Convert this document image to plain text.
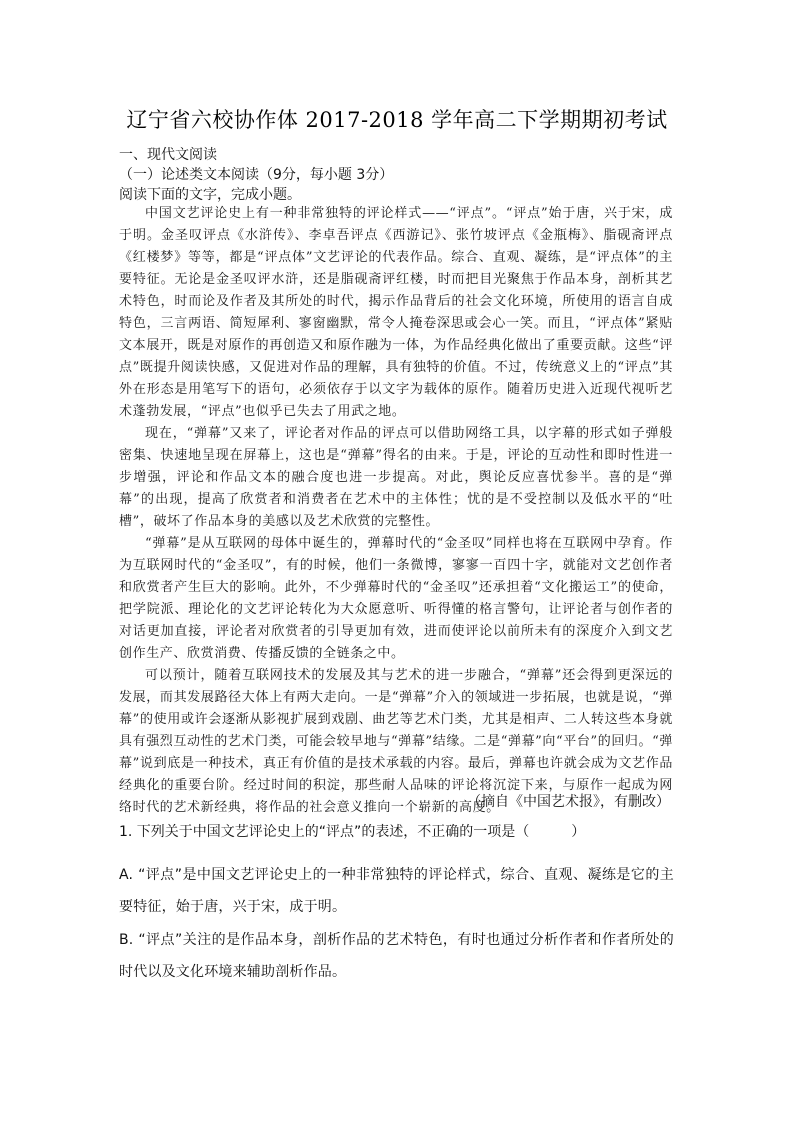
辽宁省六校协作体 2017-2018 学年高二下学期期初考试
一、现代文阅读
（一）论述类文本阅读（9分，每小题 3分）
阅读下面的文字，完成小题。

中国文艺评论史上有一种非常独特的评论样式——“评点”。“评点”始于唐，兴于宋，成于明。金圣叹评点《水浒传》、李卓吾评点《西游记》、张竹坡评点《金瓶梅》、脂砚斋评点《红楼梦》等等，都是“评点体”文艺评论的代表作品。综合、直观、凝练，是“评点体”的主要特征。无论是金圣叹评水浒，还是脂砚斋评红楼，时而把目光聚焦于作品本身，剖析其艺术特色，时而论及作者及其所处的时代，揭示作品背后的社会文化环境，所使用的语言自成特色，三言两语、简短犀利、寥窗幽默，常令人掩卷深思或会心一笑。而且，“评点体”紧贴文本展开，既是对原作的再创造又和原作融为一体，为作品经典化做出了重要贡献。这些“评点”既提升阅读快感，又促进对作品的理解，具有独特的价值。不过，传统意义上的“评点”其外在形态是用笔写下的语句，必须依存于以文字为载体的原作。随着历史进入近现代视听艺术蓬勃发展，“评点”也似乎已失去了用武之地。

现在，“弹幕”又来了，评论者对作品的评点可以借助网络工具，以字幕的形式如子弹般密集、快速地呈现在屏幕上，这也是“弹幕”得名的由来。于是，评论的互动性和即时性进一步增强，评论和作品文本的融合度也进一步提高。对此，舆论反应喜忧参半。喜的是“弹幕”的出现，提高了欣赏者和消费者在艺术中的主体性；忧的是不受控制以及低水平的“吐槽”，破坏了作品本身的美感以及艺术欣赏的完整性。

“弹幕”是从互联网的母体中诞生的，弹幕时代的“金圣叹”同样也将在互联网中孕育。作为互联网时代的“金圣叹”，有的时候，他们一条微博，寥寥一百四十字，就能对文艺创作者和欣赏者产生巨大的影响。此外，不少弹幕时代的“金圣叹”还承担着“文化搬运工”的使命，把学院派、理论化的文艺评论转化为大众愿意听、听得懂的格言警句，让评论者与创作者的对话更加直接，评论者对欣赏者的引导更加有效，进而使评论以前所未有的深度介入到文艺创作生产、欣赏消费、传播反馈的全链条之中。

可以预计，随着互联网技术的发展及其与艺术的进一步融合，“弹幕”还会得到更深远的发展，而其发展路径大体上有两大走向。一是“弹幕”介入的领域进一步拓展，也就是说，“弹幕”的使用或许会逐渐从影视扩展到戏剧、曲艺等艺术门类，尤其是相声、二人转这些本身就具有强烈互动性的艺术门类，可能会较早地与“弹幕”结缘。二是“弹幕”向“平台”的回归。“弹幕”说到底是一种技术，真正有价值的是技术承载的内容。最后，弹幕也许就会成为文艺作品经典化的重要台阶。经过时间的积淀，那些耐人品味的评论将沉淀下来，与原作一起成为网络时代的艺术新经典，将作品的社会意义推向一个崭新的高度。

（摘自《中国艺术报》，有删改）
1. 下列关于中国文艺评论史上的“评点”的表述，不正确的一项是（　　　）
A. “评点”是中国文艺评论史上的一种非常独特的评论样式，综合、直观、凝练是它的主要特征，始于唐，兴于宋，成于明。
B. “评点”关注的是作品本身，剖析作品的艺术特色，有时也通过分析作者和作者所处的时代以及文化环境来辅助剖析作品。
